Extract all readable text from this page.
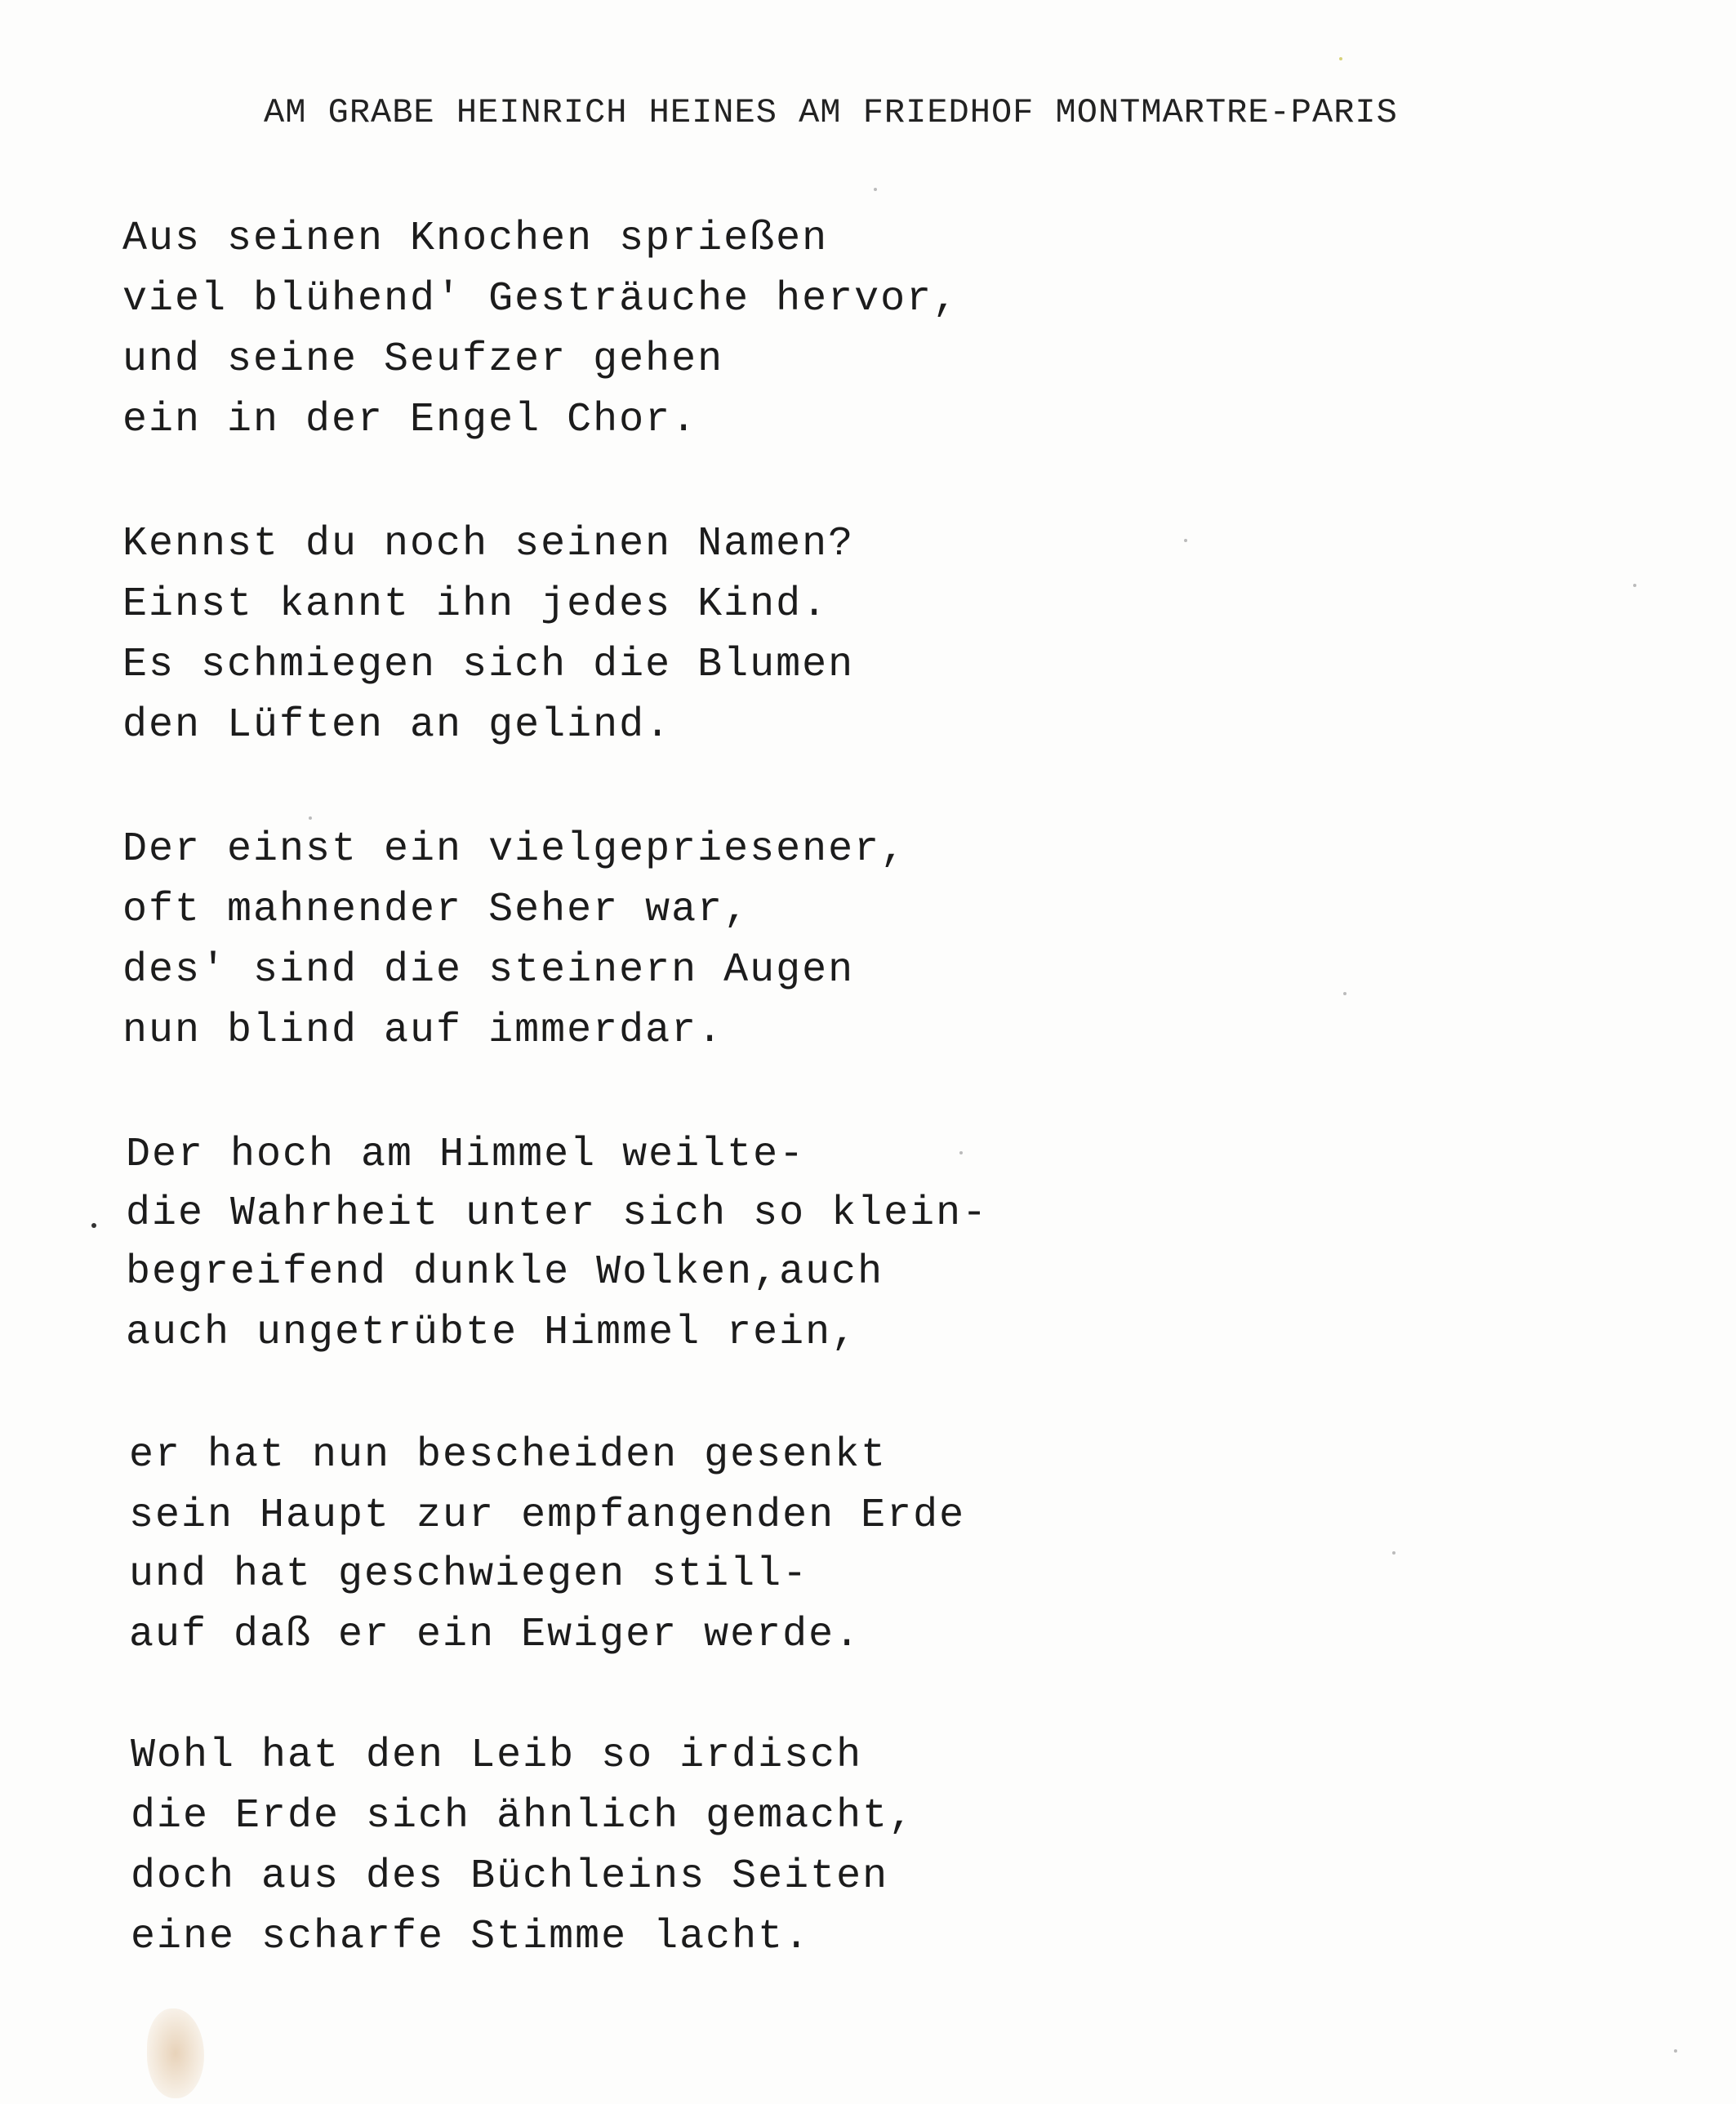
AM GRABE HEINRICH HEINES AM FRIEDHOF MONTMARTRE-PARIS
Aus seinen Knochen sprießen
viel blühend' Gesträuche hervor,
und seine Seufzer gehen
ein in der Engel Chor.
Kennst du noch seinen Namen?
Einst kannt ihn jedes Kind.
Es schmiegen sich die Blumen
den Lüften an gelind.
Der einst ein vielgepriesener,
oft mahnender Seher war,
des' sind die steinern Augen
nun blind auf immerdar.
Der hoch am Himmel weilte-
die Wahrheit unter sich so klein-
begreifend dunkle Wolken,auch
auch ungetrübte Himmel rein,
er hat nun bescheiden gesenkt
sein Haupt zur empfangenden Erde
und hat geschwiegen still-
auf daß er ein Ewiger werde.
Wohl hat den Leib so irdisch
die Erde sich ähnlich gemacht,
doch aus des Büchleins Seiten
eine scharfe Stimme lacht.
